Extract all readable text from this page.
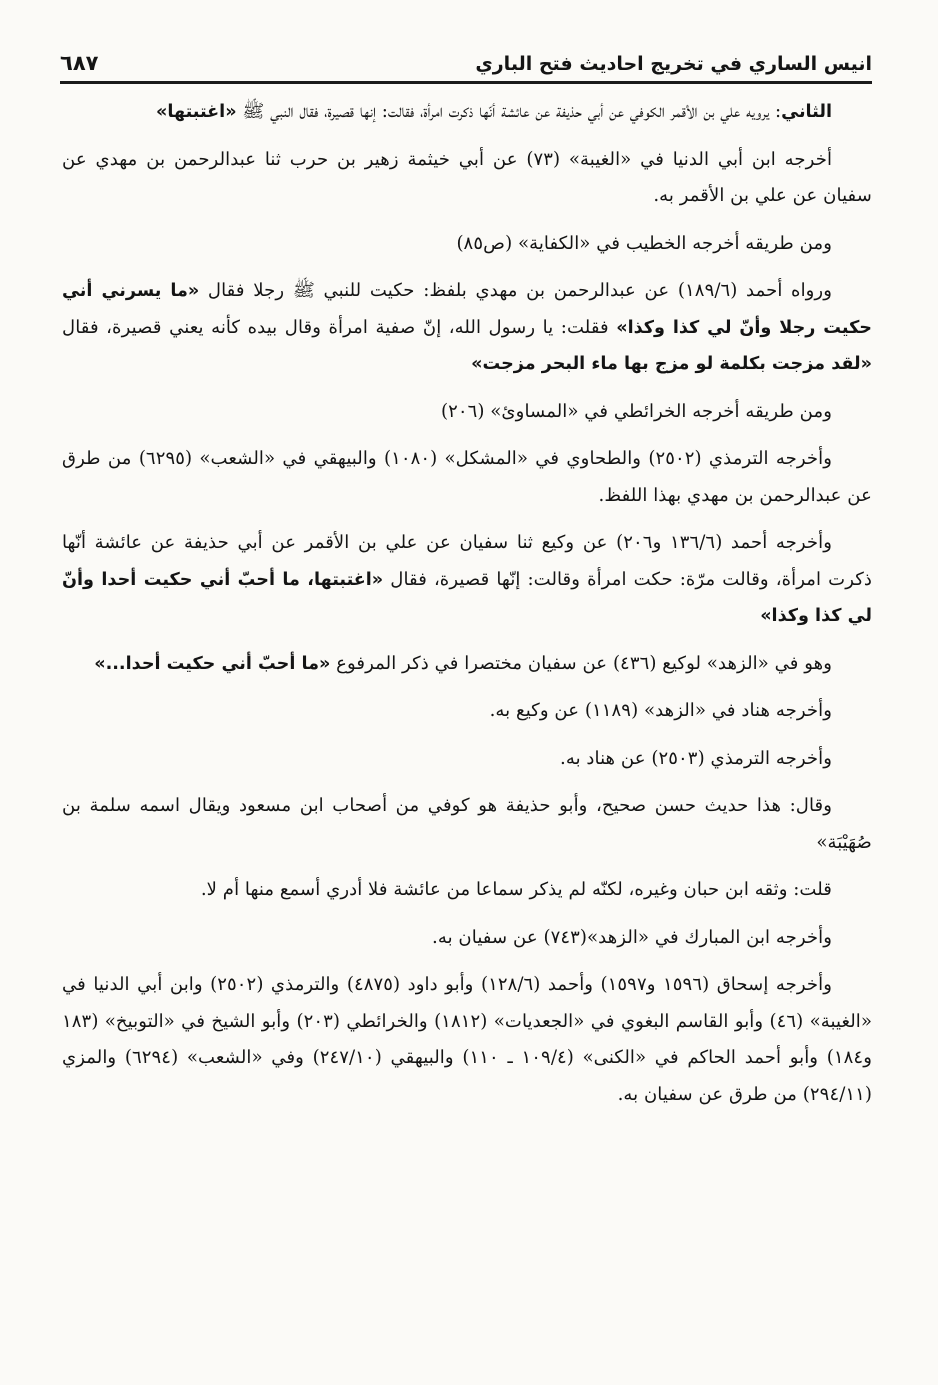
انيس الساري في تخريج احاديث فتح الباري
٦٨٧

الثاني: يرويه علي بن الأقمر الكوفي عن أبي حذيفة عن عائشة أنّها ذكرت امرأة، فقالت: إنها قصيرة، فقال النبي ﷺ «اغتبتها»

أخرجه ابن أبي الدنيا في «الغيبة» (٧٣) عن أبي خيثمة زهير بن حرب ثنا عبدالرحمن بن مهدي عن سفيان عن علي بن الأقمر به.

ومن طريقه أخرجه الخطيب في «الكفاية» (ص٨٥)

ورواه أحمد (١٨٩/٦) عن عبدالرحمن بن مهدي بلفظ: حكيت للنبي ﷺ رجلا فقال «ما يسرني أني حكيت رجلا وأنّ لي كذا وكذا» فقلت: يا رسول الله، إنّ صفية امرأة وقال بيده كأنه يعني قصيرة، فقال «لقد مزجت بكلمة لو مزج بها ماء البحر مزجت»

ومن طريقه أخرجه الخرائطي في «المساوئ» (٢٠٦)

وأخرجه الترمذي (٢٥٠٢) والطحاوي في «المشكل» (١٠٨٠) والبيهقي في «الشعب» (٦٢٩٥) من طرق عن عبدالرحمن بن مهدي بهذا اللفظ.

وأخرجه أحمد (١٣٦/٦ و٢٠٦) عن وكيع ثنا سفيان عن علي بن الأقمر عن أبي حذيفة عن عائشة أنّها ذكرت امرأة، وقالت مرّة: حكت امرأة وقالت: إنّها قصيرة، فقال «اغتبتها، ما أحبّ أني حكيت أحدا وأنّ لي كذا وكذا»

وهو في «الزهد» لوكيع (٤٣٦) عن سفيان مختصرا في ذكر المرفوع «ما أحبّ أني حكيت أحدا...»

وأخرجه هناد في «الزهد» (١١٨٩) عن وكيع به.

وأخرجه الترمذي (٢٥٠٣) عن هناد به.

وقال: هذا حديث حسن صحيح، وأبو حذيفة هو كوفي من أصحاب ابن مسعود ويقال اسمه سلمة بن صُهَيْبَة»

قلت: وثقه ابن حبان وغيره، لكنّه لم يذكر سماعا من عائشة فلا أدري أسمع منها أم لا.

وأخرجه ابن المبارك في «الزهد»(٧٤٣) عن سفيان به.

وأخرجه إسحاق (١٥٩٦ و١٥٩٧) وأحمد (١٢٨/٦) وأبو داود (٤٨٧٥) والترمذي (٢٥٠٢) وابن أبي الدنيا في «الغيبة» (٤٦) وأبو القاسم البغوي في «الجعديات» (١٨١٢) والخرائطي (٢٠٣) وأبو الشيخ في «التوبيخ» (١٨٣ و١٨٤) وأبو أحمد الحاكم في «الكنى» (١٠٩/٤ ـ ١١٠) والبيهقي (٢٤٧/١٠) وفي «الشعب» (٦٢٩٤) والمزي (٢٩٤/١١) من طرق عن سفيان به.
